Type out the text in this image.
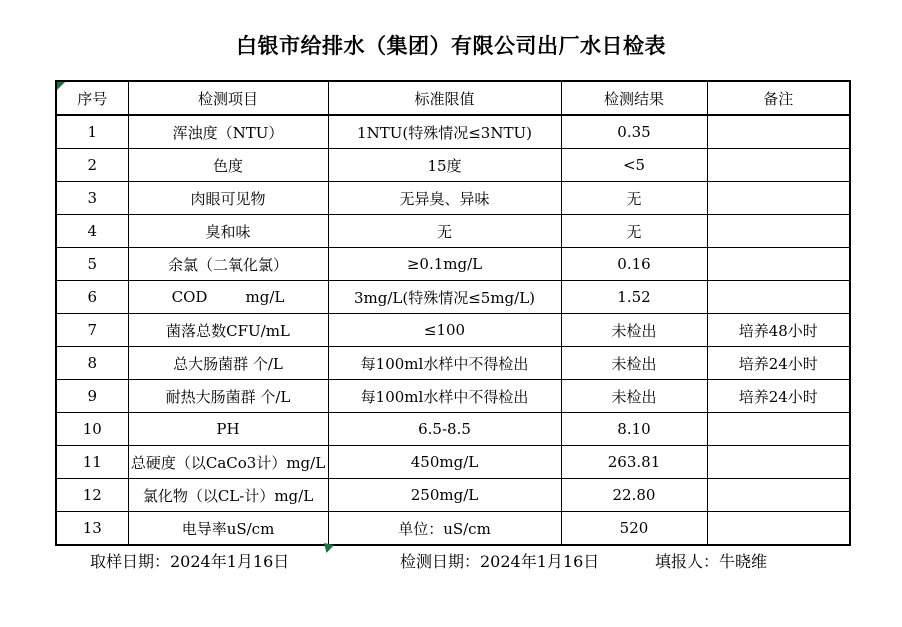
白银市给排水（集团）有限公司出厂水日检表
序号	检测项目	标准限值	检测结果	备注
1	浑浊度（NTU）	1NTU(特殊情况≤3NTU)	0.35	
2	色度	15度	<5	
3	肉眼可见物	无异臭、异味	无	
4	臭和味	无	无	
5	余氯（二氧化氯）	≥0.1mg/L	0.16	
6	COD        mg/L	3mg/L(特殊情况≤5mg/L)	1.52	
7	菌落总数CFU/mL	≤100	未检出	培养48小时
8	总大肠菌群 个/L	每100ml水样中不得检出	未检出	培养24小时
9	耐热大肠菌群 个/L	每100ml水样中不得检出	未检出	培养24小时
10	PH	6.5-8.5	8.10	
11	总硬度（以CaCo3计）mg/L	450mg/L	263.81	
12	氯化物（以CL-计）mg/L	250mg/L	22.80	
13	电导率uS/cm	单位：uS/cm	520	
取样日期：2024年1月16日	检测日期：2024年1月16日	填报人：牛晓维
